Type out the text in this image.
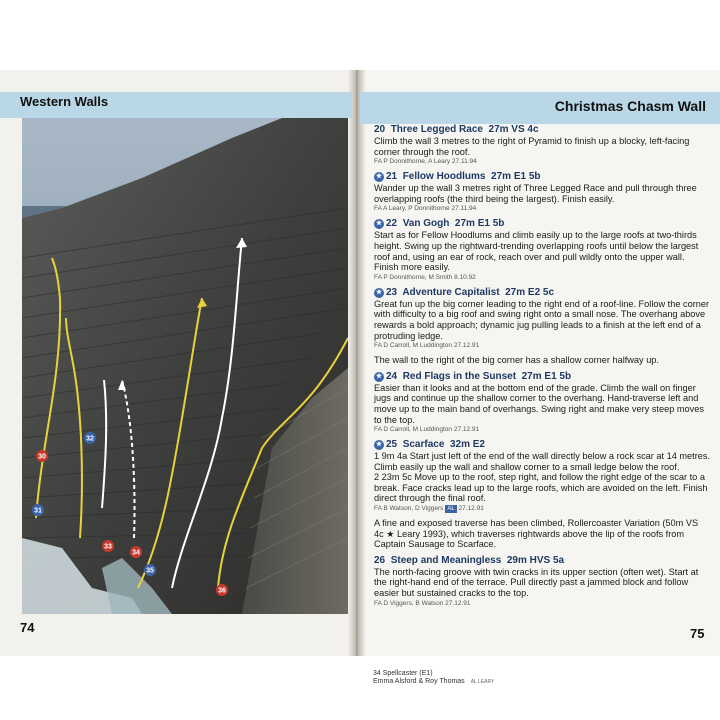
Western Walls	Christmas Chasm Wall
31
30
32
33
34
35
36
74	75
20 Three Legged Race 27m VS 4c
Climb the wall 3 metres to the right of Pyramid to finish up a blocky, left-facing corner through the roof.
FA P Donnithorne, A Leary 27.11.94
★ 21 Fellow Hoodlums 27m E1 5b
Wander up the wall 3 metres right of Three Legged Race and pull through three overlapping roofs (the third being the largest). Finish easily.
FA A Leary, P Donnithorne 27.11.94
★ 22 Van Gogh 27m E1 5b
Start as for Fellow Hoodlums and climb easily up to the large roofs at two-thirds height. Swing up the rightward-trending overlapping roofs until below the largest roof and, using an ear of rock, reach over and pull wildly onto the upper wall. Finish more easily.
FA P Donnithorne, M Smith 8.10.92
★ 23 Adventure Capitalist 27m E2 5c
Great fun up the big corner leading to the right end of a roof-line. Follow the corner with difficulty to a big roof and swing right onto a small nose. The overhang above rewards a bold approach; dynamic jug pulling leads to a finish at the left end of a protruding ledge.
FA D Carroll, M Luddington 27.12.91
The wall to the right of the big corner has a shallow corner halfway up.
★ 24 Red Flags in the Sunset 27m E1 5b
Easier than it looks and at the bottom end of the grade. Climb the wall on finger jugs and continue up the shallow corner to the overhang. Hand-traverse left and move up to the main band of overhangs. Swing right and make very steep moves to the top.
FA D Carroll, M Luddington 27.12.91
★ 25 Scarface 32m E2
1 9m 4a Start just left of the end of the wall directly below a rock scar at 14 metres. Climb easily up the wall and shallow corner to a small ledge below the roof.
2 23m 5c Move up to the roof, step right, and follow the right edge of the scar to a break. Face cracks lead up to the large roofs, which are avoided on the left. Finish direct through the final roof.
FA B Watson, D Viggers AL 27.12.91
A fine and exposed traverse has been climbed, Rollercoaster Variation (50m VS 4c ★ Leary 1993), which traverses rightwards above the lip of the roofs from Captain Sausage to Scarface.
26 Steep and Meaningless 29m HVS 5a
The north-facing groove with twin cracks in its upper section (often wet). Start at the right-hand end of the terrace. Pull directly past a jammed block and follow easier but sustained cracks to the top.
FA D Viggers, B Watson 27.12.91
34 Spellcaster (E1)
Emma Alsford & Roy Thomas AL LEARY
